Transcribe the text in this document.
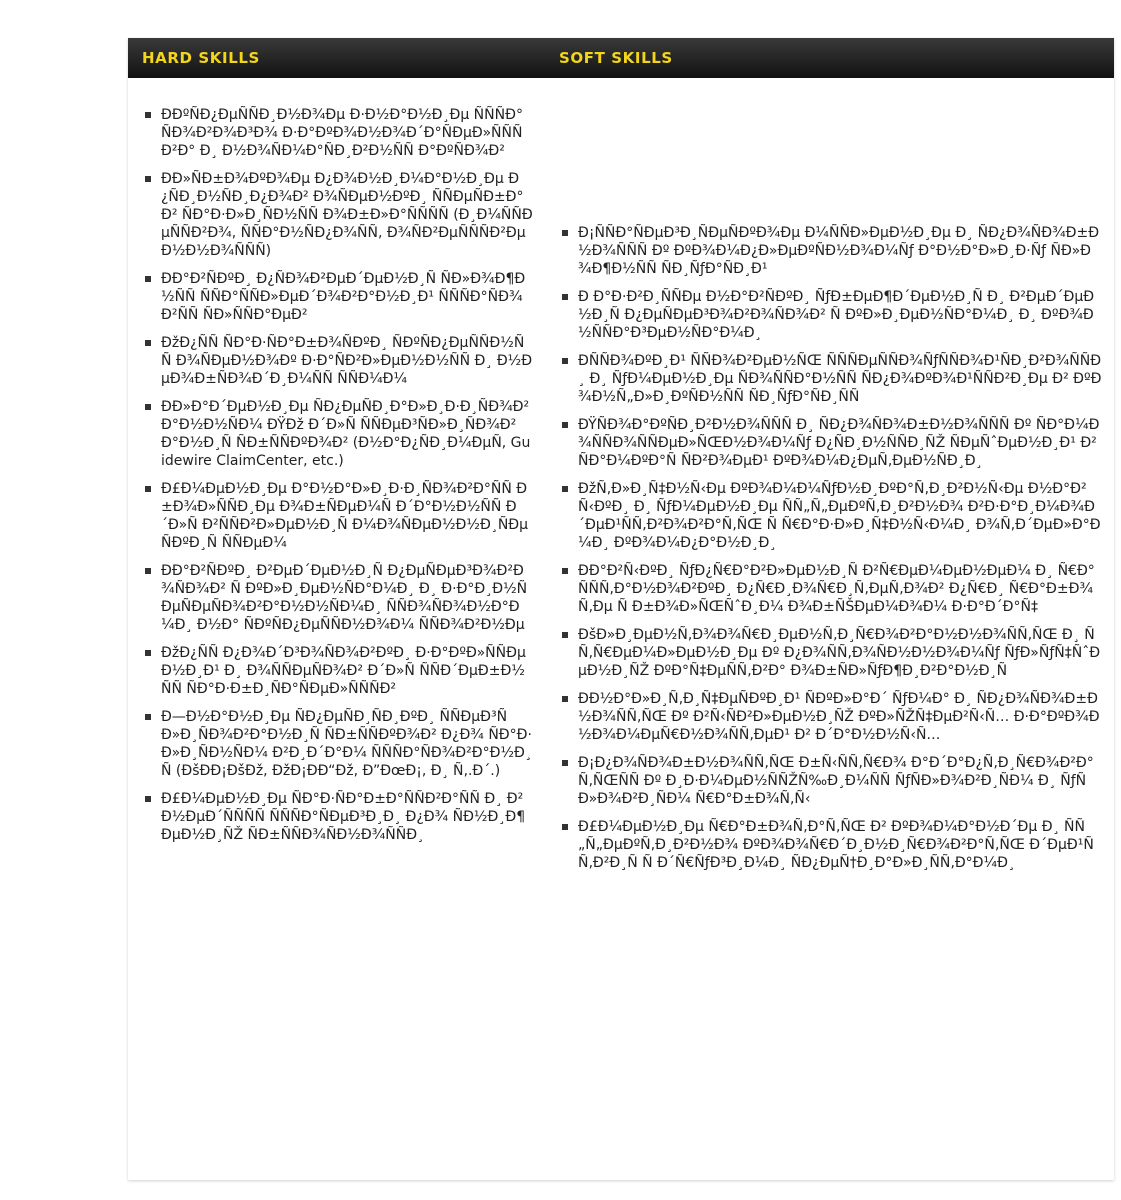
HARD SKILLS	SOFT SKILLS
ÐÐºÑÐ¿ÐµÑÑÐ¸Ð½Ð¾Ðµ Ð·Ð½Ð°Ð½Ð¸Ðµ ÑÑÑÐ°ÑÐ¾Ð²Ð¾Ð³Ð¾ Ð·Ð°ÐºÐ¾Ð½Ð¾Ð´Ð°ÑÐµÐ»ÑÑÑÐ²Ð° Ð¸ Ð½Ð¾ÑÐ¼Ð°ÑÐ¸Ð²Ð½ÑÑ Ð°ÐºÑÐ¾Ð²
ÐÐ»ÑÐ±Ð¾ÐºÐ¾Ðµ Ð¿Ð¾Ð½Ð¸Ð¼Ð°Ð½Ð¸Ðµ Ð¿ÑÐ¸Ð½ÑÐ¸Ð¿Ð¾Ð² Ð¾ÑÐµÐ½ÐºÐ¸ ÑÑÐµÑÐ±Ð° Ð² ÑÐ°Ð·Ð»Ð¸ÑÐ½ÑÑ Ð¾Ð±Ð»Ð°ÑÑÑÑ (Ð¸Ð¼ÑÑÐµÑÑÐ²Ð¾, ÑÑÐ°Ð½ÑÐ¿Ð¾ÑÑ, Ð¾ÑÐ²ÐµÑÑÑÐ²ÐµÐ½Ð½Ð¾ÑÑÑ)
ÐÐ°Ð²ÑÐºÐ¸ Ð¿ÑÐ¾Ð²ÐµÐ´ÐµÐ½Ð¸Ñ ÑÐ»Ð¾Ð¶Ð½ÑÑ ÑÑÐ°ÑÑÐ»ÐµÐ´Ð¾Ð²Ð°Ð½Ð¸Ð¹ ÑÑÑÐ°ÑÐ¾Ð²ÑÑ ÑÐ»ÑÑÐ°ÐµÐ²
ÐžÐ¿ÑÑ ÑÐ°Ð·ÑÐ°Ð±Ð¾ÑÐºÐ¸ ÑÐºÑÐ¿ÐµÑÑÐ½ÑÑ Ð¾ÑÐµÐ½Ð¾Ðº Ð·Ð°ÑÐ²Ð»ÐµÐ½Ð½ÑÑ Ð¸ Ð½ÐµÐ¾Ð±ÑÐ¾Ð´Ð¸Ð¼ÑÑ ÑÑÐ¼Ð¼
ÐÐ»Ð°Ð´ÐµÐ½Ð¸Ðµ ÑÐ¿ÐµÑÐ¸Ð°Ð»Ð¸Ð·Ð¸ÑÐ¾Ð²Ð°Ð½Ð½ÑÐ¼ ÐŸÐž Ð´Ð»Ñ ÑÑÐµÐ³ÑÐ»Ð¸ÑÐ¾Ð²Ð°Ð½Ð¸Ñ ÑÐ±ÑÑÐºÐ¾Ð² (Ð½Ð°Ð¿ÑÐ¸Ð¼ÐµÑ, Guidewire ClaimCenter, etc.)
Ð£Ð¼ÐµÐ½Ð¸Ðµ Ð°Ð½Ð°Ð»Ð¸Ð·Ð¸ÑÐ¾Ð²Ð°ÑÑ Ð±Ð¾Ð»ÑÑÐ¸Ðµ Ð¾Ð±ÑÐµÐ¼Ñ Ð´Ð°Ð½Ð½ÑÑ Ð´Ð»Ñ Ð²ÑÑÐ²Ð»ÐµÐ½Ð¸Ñ Ð¼Ð¾ÑÐµÐ½Ð½Ð¸ÑÐµÑÐºÐ¸Ñ ÑÑÐµÐ¼
ÐÐ°Ð²ÑÐºÐ¸ Ð²ÐµÐ´ÐµÐ½Ð¸Ñ Ð¿ÐµÑÐµÐ³Ð¾Ð²Ð¾ÑÐ¾Ð² Ñ ÐºÐ»Ð¸ÐµÐ½ÑÐ°Ð¼Ð¸ Ð¸ Ð·Ð°Ð¸Ð½ÑÐµÑÐµÑÐ¾Ð²Ð°Ð½Ð½ÑÐ¼Ð¸ ÑÑÐ¾ÑÐ¾Ð½Ð°Ð¼Ð¸ Ð½Ð° ÑÐºÑÐ¿ÐµÑÑÐ½Ð¾Ð¼ ÑÑÐ¾Ð²Ð½Ðµ
ÐžÐ¿ÑÑ Ð¿Ð¾Ð´Ð³Ð¾ÑÐ¾Ð²ÐºÐ¸ Ð·Ð°ÐºÐ»ÑÑÐµÐ½Ð¸Ð¹ Ð¸ Ð¾ÑÑÐµÑÐ¾Ð² Ð´Ð»Ñ ÑÑÐ´ÐµÐ±Ð½ÑÑ ÑÐ°Ð·Ð±Ð¸ÑÐ°ÑÐµÐ»ÑÑÑÐ²
Ð—Ð½Ð°Ð½Ð¸Ðµ ÑÐ¿ÐµÑÐ¸ÑÐ¸ÐºÐ¸ ÑÑÐµÐ³ÑÐ»Ð¸ÑÐ¾Ð²Ð°Ð½Ð¸Ñ ÑÐ±ÑÑÐºÐ¾Ð² Ð¿Ð¾ ÑÐ°Ð·Ð»Ð¸ÑÐ½ÑÐ¼ Ð²Ð¸Ð´Ð°Ð¼ ÑÑÑÐ°ÑÐ¾Ð²Ð°Ð½Ð¸Ñ (ÐšÐÐ¡ÐšÐž, ÐžÐ¡ÐÐ“Ðž, Ð”ÐœÐ¡, Ð¸ Ñ‚.Ð´.)
Ð£Ð¼ÐµÐ½Ð¸Ðµ ÑÐ°Ð·ÑÐ°Ð±Ð°ÑÑÐ²Ð°ÑÑ Ð¸ Ð²Ð½ÐµÐ´ÑÑÑÑ ÑÑÑÐ°ÑÐµÐ³Ð¸Ð¸ Ð¿Ð¾ ÑÐ½Ð¸Ð¶ÐµÐ½Ð¸ÑŽ ÑÐ±ÑÑÐ¾ÑÐ½Ð¾ÑÑÐ¸
Ð¡ÑÑÐ°ÑÐµÐ³Ð¸ÑÐµÑÐºÐ¾Ðµ Ð¼ÑÑÐ»ÐµÐ½Ð¸Ðµ Ð¸ ÑÐ¿Ð¾ÑÐ¾Ð±Ð½Ð¾ÑÑÑ Ðº ÐºÐ¾Ð¼Ð¿Ð»ÐµÐºÑÐ½Ð¾Ð¼Ñƒ Ð°Ð½Ð°Ð»Ð¸Ð·Ñƒ ÑÐ»Ð¾Ð¶Ð½ÑÑ ÑÐ¸ÑƒÐ°ÑÐ¸Ð¹
Ð Ð°Ð·Ð²Ð¸ÑÑÐµ Ð½Ð°Ð²ÑÐºÐ¸ ÑƒÐ±ÐµÐ¶Ð´ÐµÐ½Ð¸Ñ Ð¸ Ð²ÐµÐ´ÐµÐ½Ð¸Ñ Ð¿ÐµÑÐµÐ³Ð¾Ð²Ð¾ÑÐ¾Ð² Ñ ÐºÐ»Ð¸ÐµÐ½ÑÐ°Ð¼Ð¸ Ð¸ ÐºÐ¾Ð½ÑÑÐ°Ð³ÐµÐ½ÑÐ°Ð¼Ð¸
ÐÑÑÐ¾ÐºÐ¸Ð¹ ÑÑÐ¾Ð²ÐµÐ½ÑŒ ÑÑÑÐµÑÑÐ¾ÑƒÑÑÐ¾Ð¹ÑÐ¸Ð²Ð¾ÑÑÐ¸ Ð¸ ÑƒÐ¼ÐµÐ½Ð¸Ðµ ÑÐ¾ÑÑÐ°Ð½ÑÑ ÑÐ¿Ð¾ÐºÐ¾Ð¹ÑÑÐ²Ð¸Ðµ Ð² ÐºÐ¾Ð½Ñ„Ð»Ð¸ÐºÑÐ½ÑÑ ÑÐ¸ÑƒÐ°ÑÐ¸ÑÑ
ÐŸÑÐ¾Ð°ÐºÑÐ¸Ð²Ð½Ð¾ÑÑÑ Ð¸ ÑÐ¿Ð¾ÑÐ¾Ð±Ð½Ð¾ÑÑÑ Ðº ÑÐ°Ð¼Ð¾ÑÑÐ¾ÑÑÐµÐ»ÑŒÐ½Ð¾Ð¼Ñƒ Ð¿ÑÐ¸Ð½ÑÑÐ¸ÑŽ ÑÐµÑˆÐµÐ½Ð¸Ð¹ Ð² ÑÐ°Ð¼ÐºÐ°Ñ ÑÐ²Ð¾ÐµÐ¹ ÐºÐ¾Ð¼Ð¿ÐµÑ‚ÐµÐ½ÑÐ¸Ð¸
ÐžÑ‚Ð»Ð¸Ñ‡Ð½Ñ‹Ðµ ÐºÐ¾Ð¼Ð¼ÑƒÐ½Ð¸ÐºÐ°Ñ‚Ð¸Ð²Ð½Ñ‹Ðµ Ð½Ð°Ð²Ñ‹ÐºÐ¸ Ð¸ ÑƒÐ¼ÐµÐ½Ð¸Ðµ ÑÑ„Ñ„ÐµÐºÑ‚Ð¸Ð²Ð½Ð¾ Ð²Ð·Ð°Ð¸Ð¼Ð¾Ð´ÐµÐ¹ÑÑ‚Ð²Ð¾Ð²Ð°Ñ‚ÑŒ Ñ Ñ€Ð°Ð·Ð»Ð¸Ñ‡Ð½Ñ‹Ð¼Ð¸ Ð¾Ñ‚Ð´ÐµÐ»Ð°Ð¼Ð¸ ÐºÐ¾Ð¼Ð¿Ð°Ð½Ð¸Ð¸
ÐÐ°Ð²Ñ‹ÐºÐ¸ ÑƒÐ¿Ñ€Ð°Ð²Ð»ÐµÐ½Ð¸Ñ Ð²Ñ€ÐµÐ¼ÐµÐ½ÐµÐ¼ Ð¸ Ñ€Ð°ÑÑÑ‚Ð°Ð½Ð¾Ð²ÐºÐ¸ Ð¿Ñ€Ð¸Ð¾Ñ€Ð¸Ñ‚ÐµÑ‚Ð¾Ð² Ð¿Ñ€Ð¸ Ñ€Ð°Ð±Ð¾Ñ‚Ðµ Ñ Ð±Ð¾Ð»ÑŒÑˆÐ¸Ð¼ Ð¾Ð±ÑŠÐµÐ¼Ð¾Ð¼ Ð·Ð°Ð´Ð°Ñ‡
ÐšÐ»Ð¸ÐµÐ½Ñ‚Ð¾Ð¾Ñ€Ð¸ÐµÐ½Ñ‚Ð¸Ñ€Ð¾Ð²Ð°Ð½Ð½Ð¾ÑÑ‚ÑŒ Ð¸ ÑÑ‚Ñ€ÐµÐ¼Ð»ÐµÐ½Ð¸Ðµ Ðº Ð¿Ð¾ÑÑ‚Ð¾ÑÐ½Ð½Ð¾Ð¼Ñƒ ÑƒÐ»ÑƒÑ‡ÑˆÐµÐ½Ð¸ÑŽ ÐºÐ°Ñ‡ÐµÑÑ‚Ð²Ð° Ð¾Ð±ÑÐ»ÑƒÐ¶Ð¸Ð²Ð°Ð½Ð¸Ñ
ÐÐ½Ð°Ð»Ð¸Ñ‚Ð¸Ñ‡ÐµÑÐºÐ¸Ð¹ ÑÐºÐ»Ð°Ð´ ÑƒÐ¼Ð° Ð¸ ÑÐ¿Ð¾ÑÐ¾Ð±Ð½Ð¾ÑÑ‚ÑŒ Ðº Ð²Ñ‹ÑÐ²Ð»ÐµÐ½Ð¸ÑŽ ÐºÐ»ÑŽÑ‡ÐµÐ²Ñ‹Ñ… Ð·Ð°ÐºÐ¾Ð½Ð¾Ð¼ÐµÑ€Ð½Ð¾ÑÑ‚ÐµÐ¹ Ð² Ð´Ð°Ð½Ð½Ñ‹Ñ…
Ð¡Ð¿Ð¾ÑÐ¾Ð±Ð½Ð¾ÑÑ‚ÑŒ Ð±Ñ‹ÑÑ‚Ñ€Ð¾ Ð°Ð´Ð°Ð¿Ñ‚Ð¸Ñ€Ð¾Ð²Ð°Ñ‚ÑŒÑÑ Ðº Ð¸Ð·Ð¼ÐµÐ½ÑÑŽÑ‰Ð¸Ð¼ÑÑ ÑƒÑÐ»Ð¾Ð²Ð¸ÑÐ¼ Ð¸ ÑƒÑÐ»Ð¾Ð²Ð¸ÑÐ¼ Ñ€Ð°Ð±Ð¾Ñ‚Ñ‹
Ð£Ð¼ÐµÐ½Ð¸Ðµ Ñ€Ð°Ð±Ð¾Ñ‚Ð°Ñ‚ÑŒ Ð² ÐºÐ¾Ð¼Ð°Ð½Ð´Ðµ Ð¸ ÑÑ„Ñ„ÐµÐºÑ‚Ð¸Ð²Ð½Ð¾ ÐºÐ¾Ð¾Ñ€Ð´Ð¸Ð½Ð¸Ñ€Ð¾Ð²Ð°Ñ‚ÑŒ Ð´ÐµÐ¹ÑÑ‚Ð²Ð¸Ñ Ñ Ð´Ñ€ÑƒÐ³Ð¸Ð¼Ð¸ ÑÐ¿ÐµÑ†Ð¸Ð°Ð»Ð¸ÑÑ‚Ð°Ð¼Ð¸
